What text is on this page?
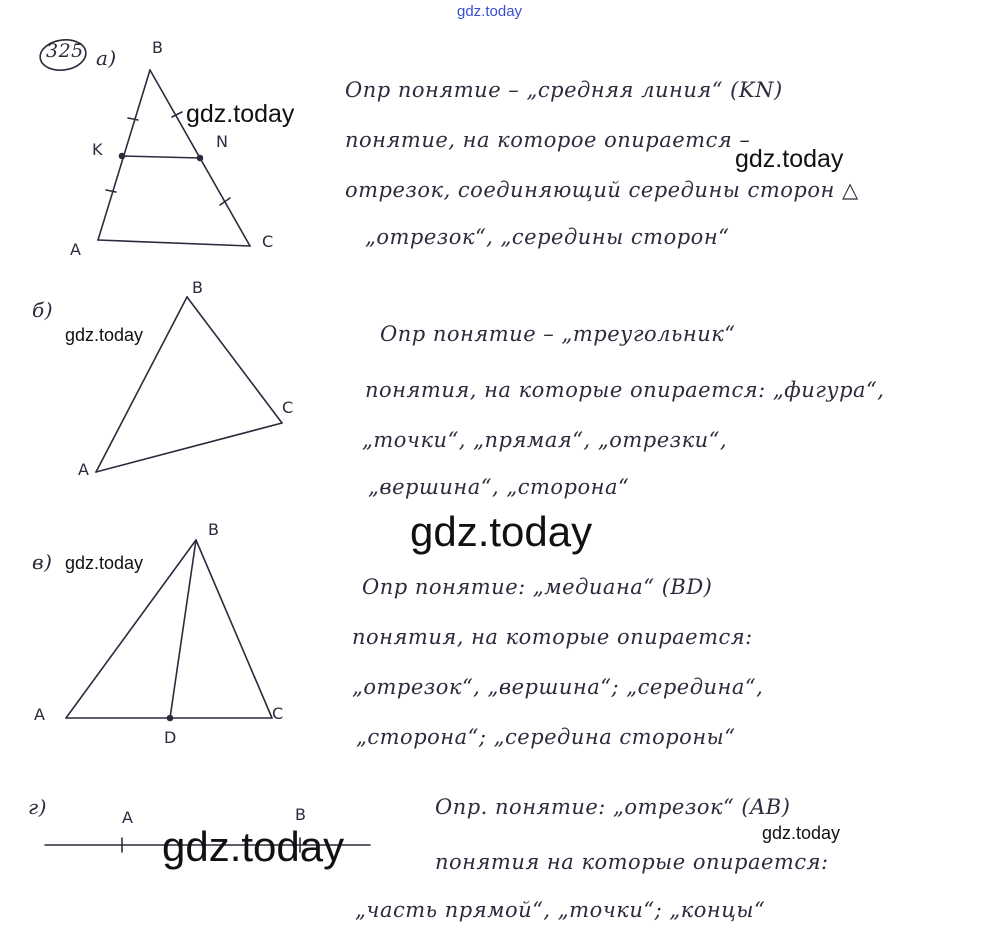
325 а) B
K	N
A	C
Опр понятие – „средняя линия“ (KN)
понятие, на которое опирается –
отрезок, соединяющий середины сторон △
„отрезок“, „середины сторон“
б)
B
A
C
Опр понятие – „треугольник“
понятия, на которые опирается: „фигура“,
„точки“, „прямая“, „отрезки“,
„вершина“, „сторона“
в)
B
A	C
D
Опр понятие: „медиана“ (BD)
понятия, на которые опирается:
„отрезок“, „вершина“; „середина“,
„сторона“; „середина стороны“
г)	A	B	Опр. понятие: „отрезок“ (AB)
понятия на которые опирается:
„часть прямой“, „точки“; „концы“
gdz.today
gdz.today
gdz.today
gdz.today
gdz.today
gdz.today
gdz.today	gdz.today
